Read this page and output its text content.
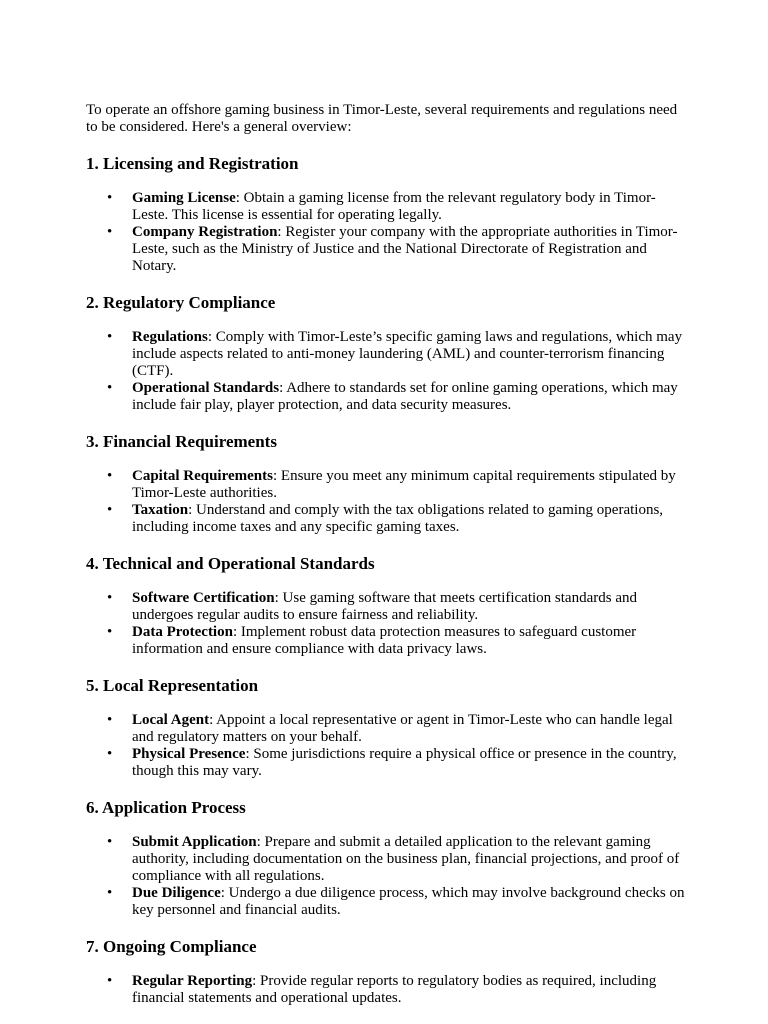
To operate an offshore gaming business in Timor-Leste, several requirements and regulations need to be considered. Here's a general overview:

1. Licensing and Registration
• Gaming License: Obtain a gaming license from the relevant regulatory body in Timor-Leste. This license is essential for operating legally.
• Company Registration: Register your company with the appropriate authorities in Timor-Leste, such as the Ministry of Justice and the National Directorate of Registration and Notary.
2. Regulatory Compliance
• Regulations: Comply with Timor-Leste’s specific gaming laws and regulations, which may include aspects related to anti-money laundering (AML) and counter-terrorism financing (CTF).
• Operational Standards: Adhere to standards set for online gaming operations, which may include fair play, player protection, and data security measures.
3. Financial Requirements
• Capital Requirements: Ensure you meet any minimum capital requirements stipulated by Timor-Leste authorities.
• Taxation: Understand and comply with the tax obligations related to gaming operations, including income taxes and any specific gaming taxes.
4. Technical and Operational Standards
• Software Certification: Use gaming software that meets certification standards and undergoes regular audits to ensure fairness and reliability.
• Data Protection: Implement robust data protection measures to safeguard customer information and ensure compliance with data privacy laws.
5. Local Representation
• Local Agent: Appoint a local representative or agent in Timor-Leste who can handle legal and regulatory matters on your behalf.
• Physical Presence: Some jurisdictions require a physical office or presence in the country, though this may vary.
6. Application Process
• Submit Application: Prepare and submit a detailed application to the relevant gaming authority, including documentation on the business plan, financial projections, and proof of compliance with all regulations.
• Due Diligence: Undergo a due diligence process, which may involve background checks on key personnel and financial audits.
7. Ongoing Compliance
• Regular Reporting: Provide regular reports to regulatory bodies as required, including financial statements and operational updates.
